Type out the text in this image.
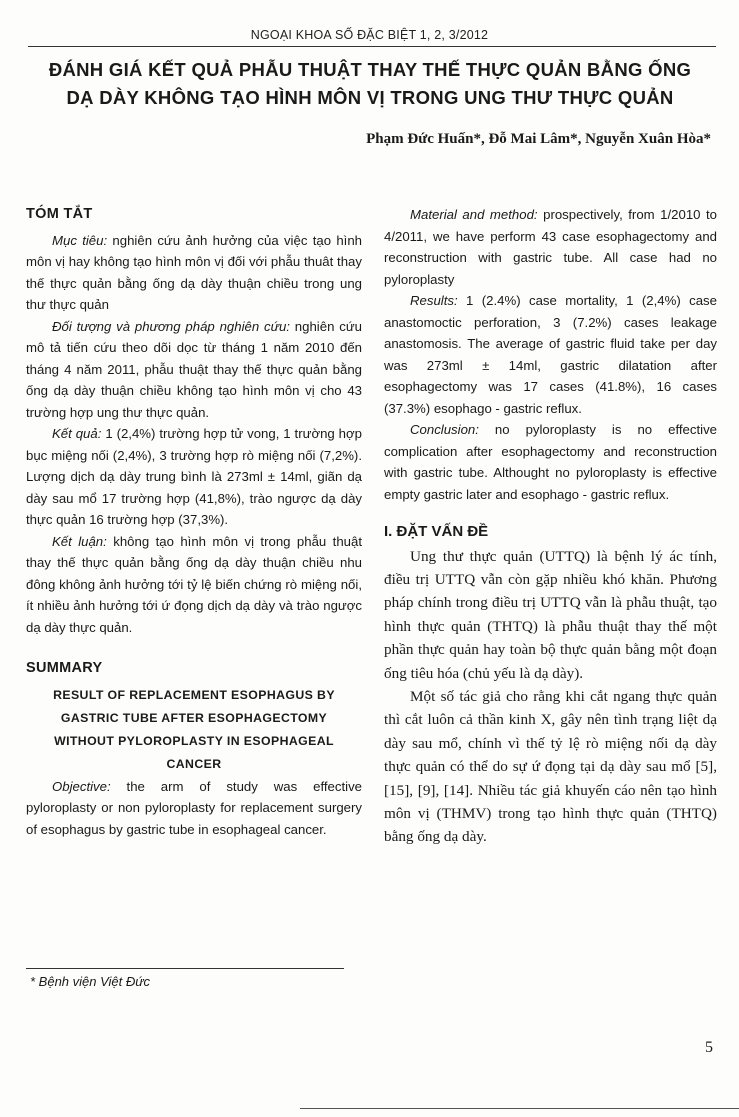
NGOẠI KHOA SỐ ĐẶC BIỆT 1, 2, 3/2012
ĐÁNH GIÁ KẾT QUẢ PHẪU THUẬT THAY THẾ THỰC QUẢN BẰNG ỐNG
DẠ DÀY KHÔNG TẠO HÌNH MÔN VỊ TRONG UNG THƯ THỰC QUẢN
Phạm Đức Huấn*, Đỗ Mai Lâm*, Nguyễn Xuân Hòa*
TÓM TẮT

Mục tiêu: nghiên cứu ảnh hưởng của việc tạo hình môn vị hay không tạo hình môn vị đối với phẫu thuât thay thế thực quản bằng ống dạ dày thuận chiều trong ung thư thực quản

Đối tượng và phương pháp nghiên cứu: nghiên cứu mô tả tiến cứu theo dõi dọc từ tháng 1 năm 2010 đến tháng 4 năm 2011, phẫu thuật thay thế thực quản bằng ống dạ dày thuận chiều không tạo hình môn vị cho 43 trường hợp ung thư thực quản.

Kết quả: 1 (2,4%) trường hợp tử vong, 1 trường hợp bục miệng nối (2,4%), 3 trường hợp rò miệng nối (7,2%). Lượng dịch dạ dày trung bình là 273ml ± 14ml, giãn dạ dày sau mổ 17 trường hợp (41,8%), trào ngược dạ dày thực quản 16 trường hợp (37,3%).

Kết luận: không tạo hình môn vị trong phẫu thuật thay thế thực quản bằng ống dạ dày thuận chiều nhu đông không ảnh hưởng tới tỷ lệ biến chứng rò miệng nối, ít nhiều ảnh hưởng tới ứ đọng dịch dạ dày và trào ngược dạ dày thực quản.

SUMMARY
RESULT OF REPLACEMENT ESOPHAGUS BY GASTRIC TUBE AFTER ESOPHAGECTOMY WITHOUT PYLOROPLASTY IN ESOPHAGEAL CANCER

Objective: the arm of study was effective pyloroplasty or non pyloroplasty for replacement surgery of esophagus by gastric tube in esophageal cancer.

Material and method: prospectively, from 1/2010 to 4/2011, we have perform 43 case esophagectomy and reconstruction with gastric tube. All case had no pyloroplasty

Results: 1 (2.4%) case mortality, 1 (2,4%) case anastomoctic perforation, 3 (7.2%) cases leakage anastomosis. The average of gastric fluid take per day was 273ml ± 14ml, gastric dilatation after esophagectomy was 17 cases (41.8%), 16 cases (37.3%) esophago - gastric reflux.

Conclusion: no pyloroplasty is no effective complication after esophagectomy and reconstruction with gastric tube. Althought no pyloroplasty is effective empty gastric later and esophago - gastric reflux.

I. ĐẶT VẤN ĐỀ

Ung thư thực quản (UTTQ) là bệnh lý ác tính, điều trị UTTQ vẫn còn gặp nhiều khó khăn. Phương pháp chính trong điều trị UTTQ vẫn là phẫu thuật, tạo hình thực quản (THTQ) là phẫu thuật thay thế một phần thực quản hay toàn bộ thực quản bằng một đoạn ống tiêu hóa (chủ yếu là dạ dày).

Một số tác giả cho rằng khi cắt ngang thực quản thì cắt luôn cả thần kinh X, gây nên tình trạng liệt dạ dày sau mổ, chính vì thế tỷ lệ rò miệng nối dạ dày thực quản có thể do sự ứ đọng tại dạ dày sau mổ [5], [15], [9], [14]. Nhiều tác giả khuyến cáo nên tạo hình môn vị (THMV) trong tạo hình thực quản (THTQ) bằng ống dạ dày.

* Bệnh viện Việt Đức
5
